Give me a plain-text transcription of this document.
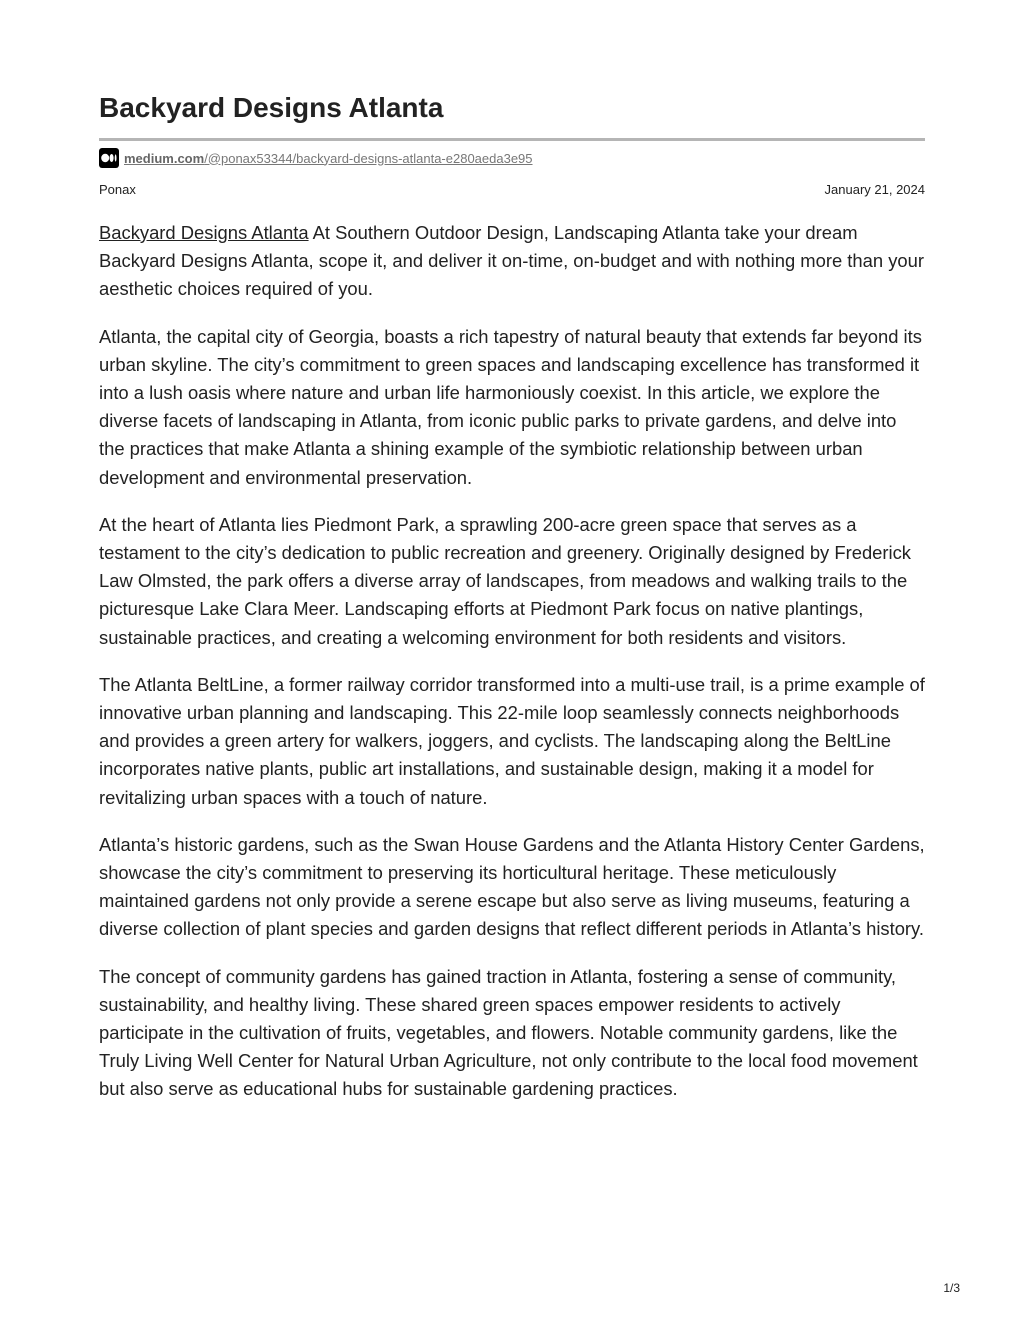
Backyard Designs Atlanta
medium.com/@ponax53344/backyard-designs-atlanta-e280aeda3e95
Ponax	January 21, 2024

Backyard Designs Atlanta At Southern Outdoor Design, Landscaping Atlanta take your dream Backyard Designs Atlanta, scope it, and deliver it on-time, on-budget and with nothing more than your aesthetic choices required of you.

Atlanta, the capital city of Georgia, boasts a rich tapestry of natural beauty that extends far beyond its urban skyline. The city’s commitment to green spaces and landscaping excellence has transformed it into a lush oasis where nature and urban life harmoniously coexist. In this article, we explore the diverse facets of landscaping in Atlanta, from iconic public parks to private gardens, and delve into the practices that make Atlanta a shining example of the symbiotic relationship between urban development and environmental preservation.

At the heart of Atlanta lies Piedmont Park, a sprawling 200-acre green space that serves as a testament to the city’s dedication to public recreation and greenery. Originally designed by Frederick Law Olmsted, the park offers a diverse array of landscapes, from meadows and walking trails to the picturesque Lake Clara Meer. Landscaping efforts at Piedmont Park focus on native plantings, sustainable practices, and creating a welcoming environment for both residents and visitors.

The Atlanta BeltLine, a former railway corridor transformed into a multi-use trail, is a prime example of innovative urban planning and landscaping. This 22-mile loop seamlessly connects neighborhoods and provides a green artery for walkers, joggers, and cyclists. The landscaping along the BeltLine incorporates native plants, public art installations, and sustainable design, making it a model for revitalizing urban spaces with a touch of nature.

Atlanta’s historic gardens, such as the Swan House Gardens and the Atlanta History Center Gardens, showcase the city’s commitment to preserving its horticultural heritage. These meticulously maintained gardens not only provide a serene escape but also serve as living museums, featuring a diverse collection of plant species and garden designs that reflect different periods in Atlanta’s history.

The concept of community gardens has gained traction in Atlanta, fostering a sense of community, sustainability, and healthy living. These shared green spaces empower residents to actively participate in the cultivation of fruits, vegetables, and flowers. Notable community gardens, like the Truly Living Well Center for Natural Urban Agriculture, not only contribute to the local food movement but also serve as educational hubs for sustainable gardening practices.

1/3
